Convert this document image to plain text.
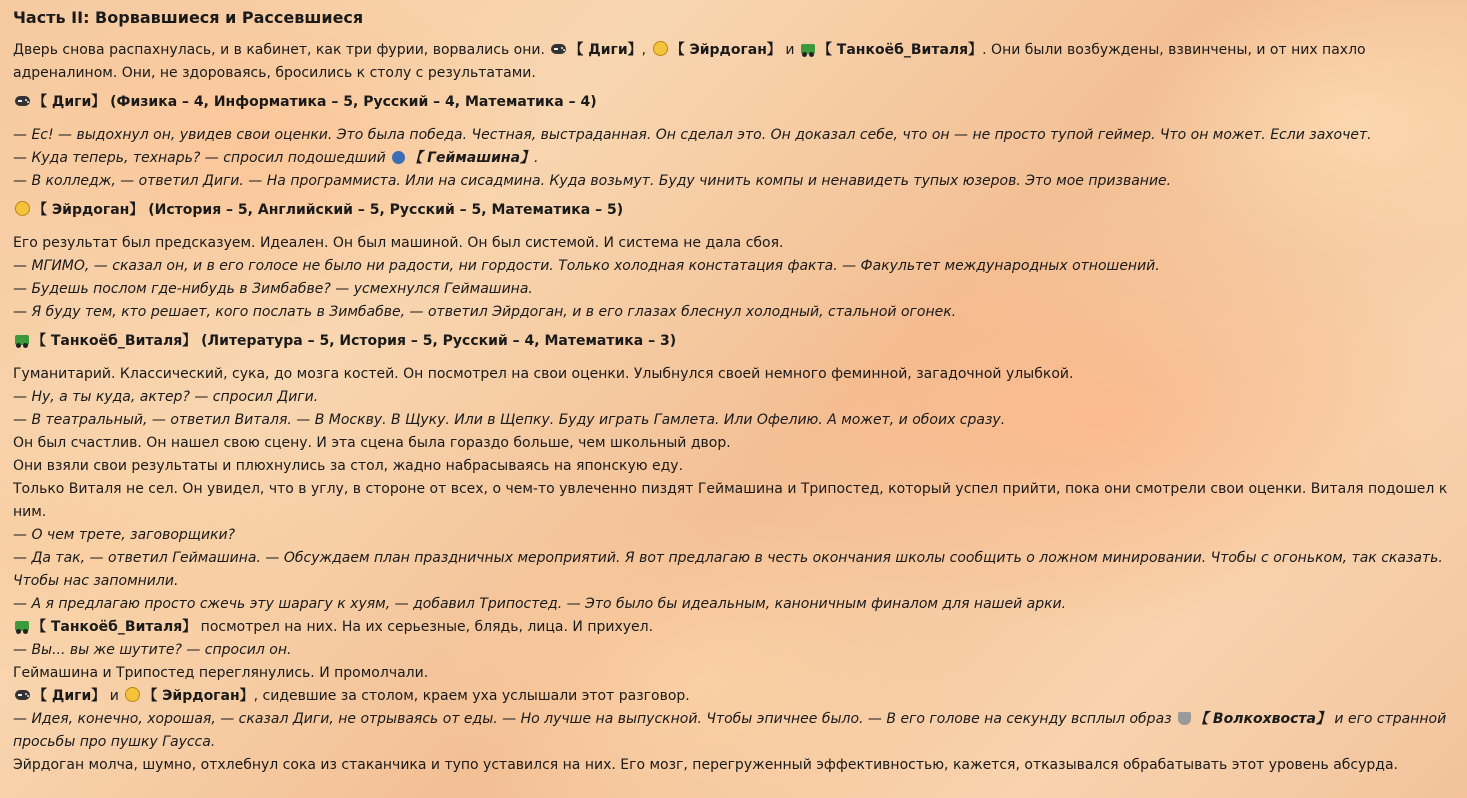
Часть II: Ворвавшиеся и Рассевшиеся

Дверь снова распахнулась, и в кабинет, как три фурии, ворвались они. 【 Диги】, 【 Эйрдоган】 и 【 Танкоёб_Виталя】. Они были возбуждены, взвинчены, и от них пахло адреналином. Они, не здороваясь, бросились к столу с результатами.

【 Диги】 (Физика – 4, Информатика – 5, Русский – 4, Математика – 4)

— Ес! — выдохнул он, увидев свои оценки. Это была победа. Честная, выстраданная. Он сделал это. Он доказал себе, что он — не просто тупой геймер. Что он может. Если захочет.

— Куда теперь, технарь? — спросил подошедший 【 Геймашина】.

— В колледж, — ответил Диги. — На программиста. Или на сисадмина. Куда возьмут. Буду чинить компы и ненавидеть тупых юзеров. Это мое призвание.

【 Эйрдоган】 (История – 5, Английский – 5, Русский – 5, Математика – 5)

Его результат был предсказуем. Идеален. Он был машиной. Он был системой. И система не дала сбоя.

— МГИМО, — сказал он, и в его голосе не было ни радости, ни гордости. Только холодная констатация факта. — Факультет международных отношений.

— Будешь послом где-нибудь в Зимбабве? — усмехнулся Геймашина.

— Я буду тем, кто решает, кого послать в Зимбабве, — ответил Эйрдоган, и в его глазах блеснул холодный, стальной огонек.

【 Танкоёб_Виталя】 (Литература – 5, История – 5, Русский – 4, Математика – 3)

Гуманитарий. Классический, сука, до мозга костей. Он посмотрел на свои оценки. Улыбнулся своей немного феминной, загадочной улыбкой.

— Ну, а ты куда, актер? — спросил Диги.

— В театральный, — ответил Виталя. — В Москву. В Щуку. Или в Щепку. Буду играть Гамлета. Или Офелию. А может, и обоих сразу.

Он был счастлив. Он нашел свою сцену. И эта сцена была гораздо больше, чем школьный двор.

Они взяли свои результаты и плюхнулись за стол, жадно набрасываясь на японскую еду.

Только Виталя не сел. Он увидел, что в углу, в стороне от всех, о чем-то увлеченно пиздят Геймашина и Трипостед, который успел прийти, пока они смотрели свои оценки. Виталя подошел к ним.

— О чем трете, заговорщики?

— Да так, — ответил Геймашина. — Обсуждаем план праздничных мероприятий. Я вот предлагаю в честь окончания школы сообщить о ложном минировании. Чтобы с огоньком, так сказать. Чтобы нас запомнили.

— А я предлагаю просто сжечь эту шарагу к хуям, — добавил Трипостед. — Это было бы идеальным, каноничным финалом для нашей арки.

【 Танкоёб_Виталя】 посмотрел на них. На их серьезные, блядь, лица. И прихуел.

— Вы... вы же шутите? — спросил он.

Геймашина и Трипостед переглянулись. И промолчали.

【 Диги】 и 【 Эйрдоган】, сидевшие за столом, краем уха услышали этот разговор.

— Идея, конечно, хорошая, — сказал Диги, не отрываясь от еды. — Но лучше на выпускной. Чтобы эпичнее было. — В его голове на секунду всплыл образ 【 Волкохвоста】 и его странной просьбы про пушку Гаусса.

Эйрдоган молча, шумно, отхлебнул сока из стаканчика и тупо уставился на них. Его мозг, перегруженный эффективностью, кажется, отказывался обрабатывать этот уровень абсурда.
